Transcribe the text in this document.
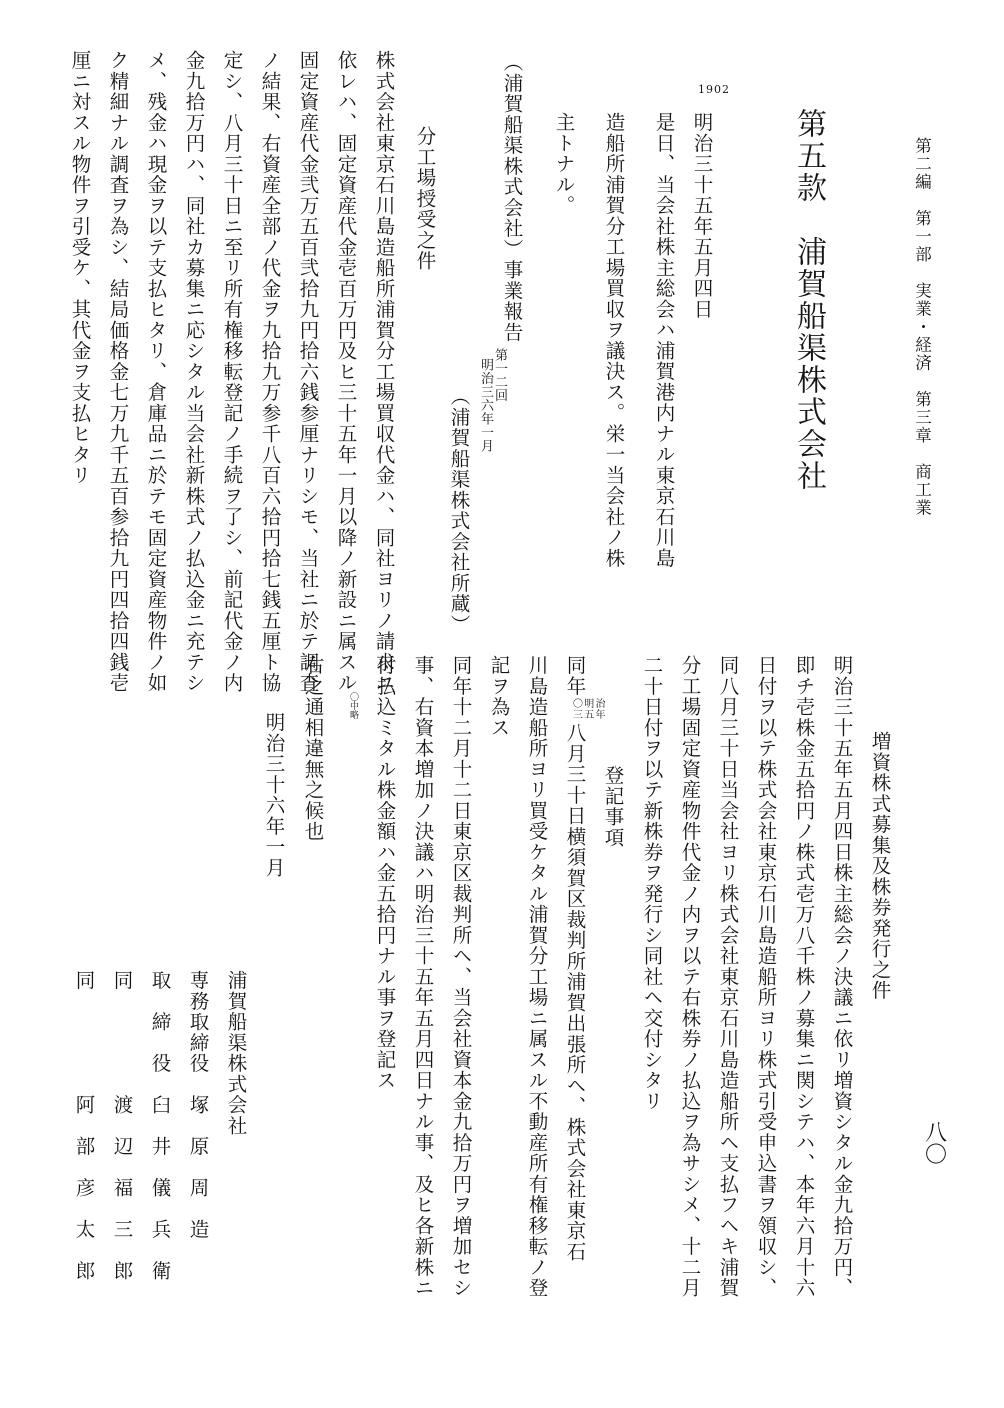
第二編　第一部　実業・経済　第三章　商工業
八〇
第五款　浦賀船渠株式会社
1902
明治三十五年五月四日
是日、当会社株主総会ハ浦賀港内ナル東京石川島
造船所浦賀分工場買収ヲ議決ス。栄一当会社ノ株
主トナル。
（浦賀船渠株式会社）事業報告
第一二回
明治三六年一月
（浦賀船渠株式会社所蔵）
分工場授受之件
株式会社東京石川島造船所浦賀分工場買収代金ハ、同社ヨリノ請求ニ
依レハ、固定資産代金壱百万円及ヒ三十五年一月以降ノ新設ニ属スル
固定資産代金弐万五百弐拾九円拾六銭参厘ナリシモ、当社ニ於テ調査
ノ結果、右資産全部ノ代金ヲ九拾九万参千八百六拾円拾七銭五厘ト協
定シ、八月三十日ニ至リ所有権移転登記ノ手続ヲ了シ、前記代金ノ内
金九拾万円ハ、同社カ募集ニ応シタル当会社新株式ノ払込金ニ充テシ
メ、残金ハ現金ヲ以テ支払ヒタリ、倉庫品ニ於テモ固定資産物件ノ如
ク精細ナル調査ヲ為シ、結局価格金七万九千五百参拾九円四拾四銭壱
厘ニ対スル物件ヲ引受ケ、其代金ヲ支払ヒタリ
増資株式募集及株券発行之件
明治三十五年五月四日株主総会ノ決議ニ依リ増資シタル金九拾万円、
即チ壱株金五拾円ノ株式壱万八千株ノ募集ニ関シテハ、本年六月十六
日付ヲ以テ株式会社東京石川島造船所ヨリ株式引受申込書ヲ領収シ、
同八月三十日当会社ヨリ株式会社東京石川島造船所ヘ支払フヘキ浦賀
分工場固定資産物件代金ノ内ヲ以テ右株券ノ払込ヲ為サシメ、十二月
二十日付ヲ以テ新株券ヲ発行シ同社ヘ交付シタリ
登記事項
同年〇明治
三五年八月三十日横須賀区裁判所浦賀出張所ヘ、株式会社東京石
川島造船所ヨリ買受ケタル浦賀分工場ニ属スル不動産所有権移転ノ登
記ヲ為ス
同年十二月十二日東京区裁判所ヘ、当会社資本金九拾万円ヲ増加セシ
事、右資本増加ノ決議ハ明治三十五年五月四日ナル事、及ヒ各新株ニ
付払込ミタル株金額ハ金五拾円ナル事ヲ登記ス
〇中略
右之通相違無之候也
明治三十六年一月
浦賀船渠株式会社
専務取締役　塚　原　周　造
取　締　役　臼　井　儀　兵　衛
同　　　　　渡　辺　福　三　郎
同　　　　　阿　部　彦　太　郎
